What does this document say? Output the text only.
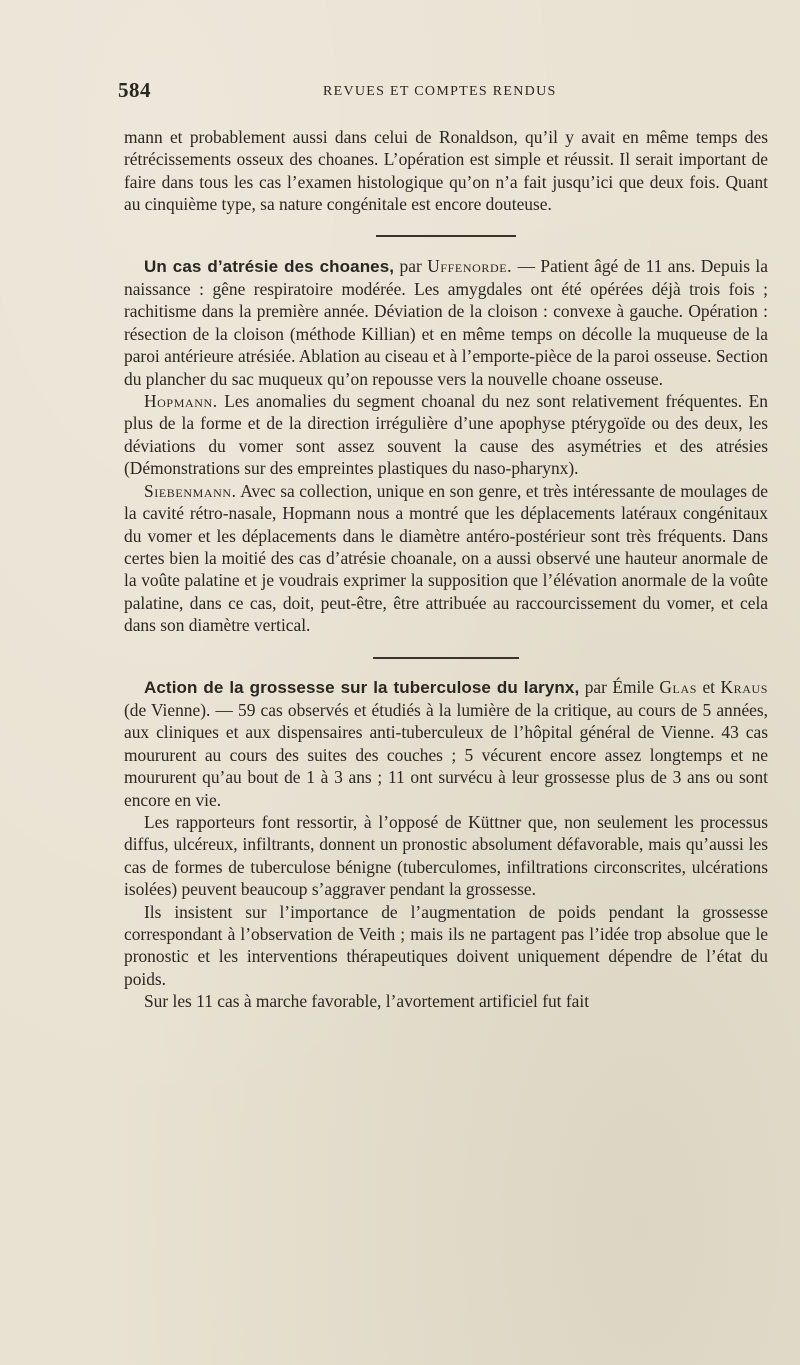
584	REVUES ET COMPTES RENDUS

mann et probablement aussi dans celui de Ronaldson, qu’il y avait en même temps des rétrécissements osseux des choanes. L’opération est simple et réussit. Il serait important de faire dans tous les cas l’examen histologique qu’on n’a fait jusqu’ici que deux fois. Quant au cinquième type, sa nature congénitale est encore douteuse.

Un cas d’atrésie des choanes, par Uffenorde. — Patient âgé de 11 ans. Depuis la naissance : gêne respiratoire modérée. Les amygdales ont été opérées déjà trois fois ; rachitisme dans la première année. Déviation de la cloison : convexe à gauche. Opération : résection de la cloison (méthode Killian) et en même temps on décolle la muqueuse de la paroi antérieure atrésiée. Ablation au ciseau et à l’emporte-pièce de la paroi osseuse. Section du plancher du sac muqueux qu’on repousse vers la nouvelle choane osseuse.

Hopmann. Les anomalies du segment choanal du nez sont relativement fréquentes. En plus de la forme et de la direction irrégulière d’une apophyse ptérygoïde ou des deux, les déviations du vomer sont assez souvent la cause des asymétries et des atrésies (Démonstrations sur des empreintes plastiques du naso-pharynx).

Siebenmann. Avec sa collection, unique en son genre, et très intéressante de moulages de la cavité rétro-nasale, Hopmann nous a montré que les déplacements latéraux congénitaux du vomer et les déplacements dans le diamètre antéro-postérieur sont très fréquents. Dans certes bien la moitié des cas d’atrésie choanale, on a aussi observé une hauteur anormale de la voûte palatine et je voudrais exprimer la supposition que l’élévation anormale de la voûte palatine, dans ce cas, doit, peut-être, être attribuée au raccourcissement du vomer, et cela dans son diamètre vertical.

Action de la grossesse sur la tuberculose du larynx, par Émile Glas et Kraus (de Vienne). — 59 cas observés et étudiés à la lumière de la critique, au cours de 5 années, aux cliniques et aux dispensaires anti-tuberculeux de l’hôpital général de Vienne. 43 cas moururent au cours des suites des couches ; 5 vécurent encore assez longtemps et ne moururent qu’au bout de 1 à 3 ans ; 11 ont survécu à leur grossesse plus de 3 ans ou sont encore en vie.

Les rapporteurs font ressortir, à l’opposé de Küttner que, non seulement les processus diffus, ulcéreux, infiltrants, donnent un pronostic absolument défavorable, mais qu’aussi les cas de formes de tuberculose bénigne (tuberculomes, infiltrations circonscrites, ulcérations isolées) peuvent beaucoup s’aggraver pendant la grossesse.

Ils insistent sur l’importance de l’augmentation de poids pendant la grossesse correspondant à l’observation de Veith ; mais ils ne partagent pas l’idée trop absolue que le pronostic et les interventions thérapeutiques doivent uniquement dépendre de l’état du poids.

Sur les 11 cas à marche favorable, l’avortement artificiel fut fait
